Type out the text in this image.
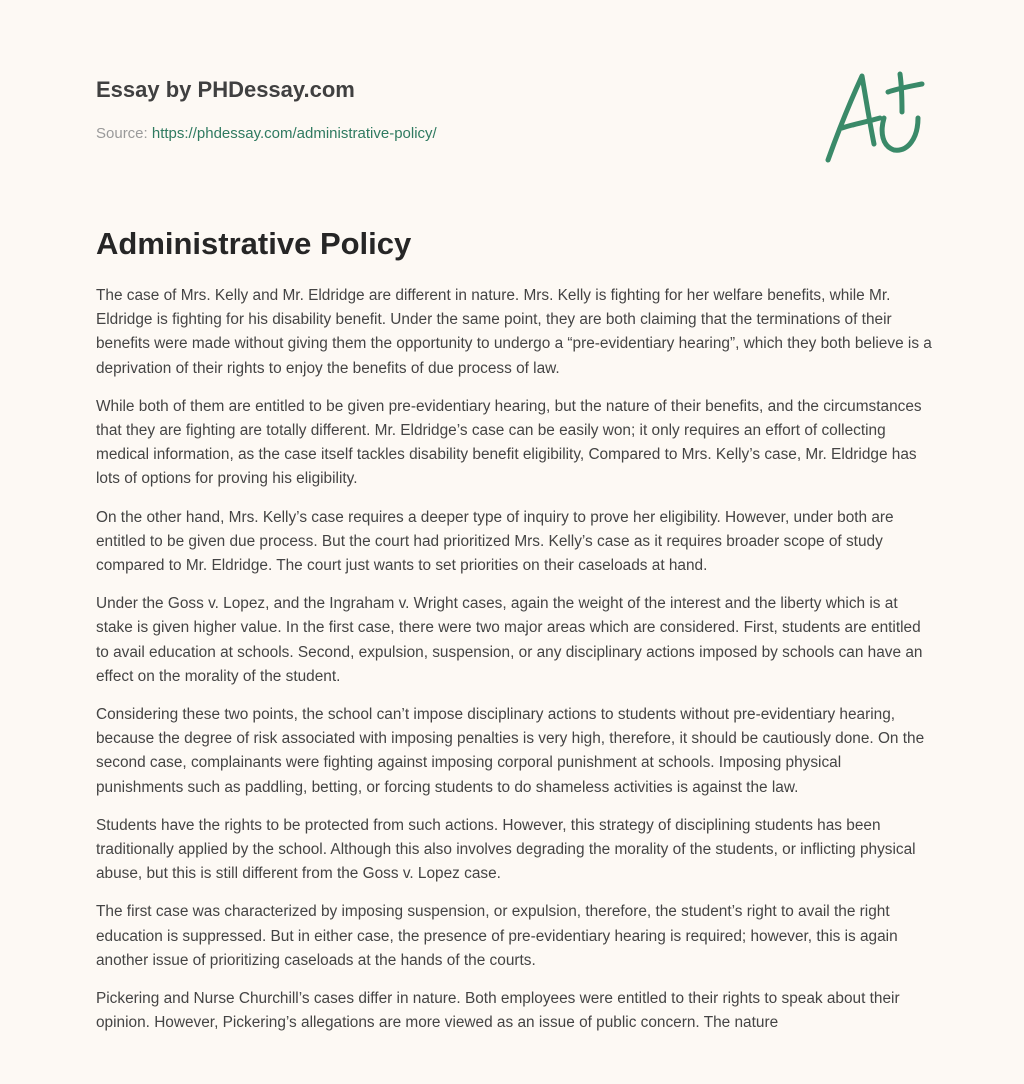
Essay by PHDessay.com
Source: https://phdessay.com/administrative-policy/
Administrative Policy

The case of Mrs. Kelly and Mr. Eldridge are different in nature. Mrs. Kelly is fighting for her welfare benefits, while Mr. Eldridge is fighting for his disability benefit. Under the same point, they are both claiming that the terminations of their benefits were made without giving them the opportunity to undergo a “pre-evidentiary hearing”, which they both believe is a deprivation of their rights to enjoy the benefits of due process of law.

While both of them are entitled to be given pre-evidentiary hearing, but the nature of their benefits, and the circumstances that they are fighting are totally different. Mr. Eldridge’s case can be easily won; it only requires an effort of collecting medical information, as the case itself tackles disability benefit eligibility, Compared to Mrs. Kelly’s case, Mr. Eldridge has lots of options for proving his eligibility.

On the other hand, Mrs. Kelly’s case requires a deeper type of inquiry to prove her eligibility. However, under both are entitled to be given due process. But the court had prioritized Mrs. Kelly’s case as it requires broader scope of study compared to Mr. Eldridge. The court just wants to set priorities on their caseloads at hand.

Under the Goss v. Lopez, and the Ingraham v. Wright cases, again the weight of the interest and the liberty which is at stake is given higher value. In the first case, there were two major areas which are considered. First, students are entitled to avail education at schools. Second, expulsion, suspension, or any disciplinary actions imposed by schools can have an effect on the morality of the student.

Considering these two points, the school can’t impose disciplinary actions to students without pre-evidentiary hearing, because the degree of risk associated with imposing penalties is very high, therefore, it should be cautiously done. On the second case, complainants were fighting against imposing corporal punishment at schools. Imposing physical punishments such as paddling, betting, or forcing students to do shameless activities is against the law.

Students have the rights to be protected from such actions. However, this strategy of disciplining students has been traditionally applied by the school. Although this also involves degrading the morality of the students, or inflicting physical abuse, but this is still different from the Goss v. Lopez case.

The first case was characterized by imposing suspension, or expulsion, therefore, the student’s right to avail the right education is suppressed. But in either case, the presence of pre-evidentiary hearing is required; however, this is again another issue of prioritizing caseloads at the hands of the courts.

Pickering and Nurse Churchill’s cases differ in nature. Both employees were entitled to their rights to speak about their opinion. However, Pickering’s allegations are more viewed as an issue of public concern. The nature
